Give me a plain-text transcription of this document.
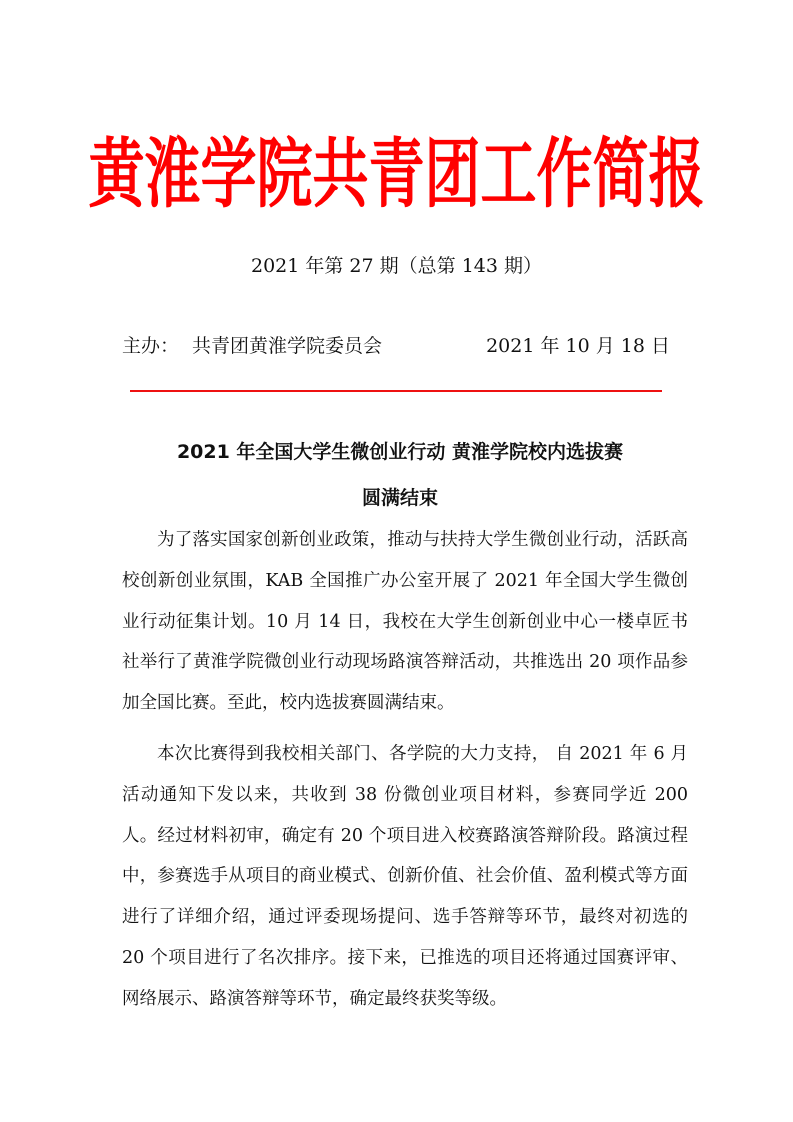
黄淮学院共青团工作简报
2021 年第 27 期（总第 143 期）
主办： 共青团黄淮学院委员会	2021 年 10 月 18 日
2021 年全国大学生微创业行动 黄淮学院校内选拔赛
圆满结束

为了落实国家创新创业政策，推动与扶持大学生微创业行动，活跃高校创新创业氛围，KAB 全国推广办公室开展了 2021 年全国大学生微创业行动征集计划。10 月 14 日，我校在大学生创新创业中心一楼卓匠书社举行了黄淮学院微创业行动现场路演答辩活动，共推选出 20 项作品参加全国比赛。至此，校内选拔赛圆满结束。

本次比赛得到我校相关部门、各学院的大力支持， 自 2021 年 6 月活动通知下发以来，共收到 38 份微创业项目材料，参赛同学近 200 人。经过材料初审，确定有 20 个项目进入校赛路演答辩阶段。路演过程中，参赛选手从项目的商业模式、创新价值、社会价值、盈利模式等方面进行了详细介绍，通过评委现场提问、选手答辩等环节，最终对初选的 20 个项目进行了名次排序。接下来，已推选的项目还将通过国赛评审、网络展示、路演答辩等环节，确定最终获奖等级。
